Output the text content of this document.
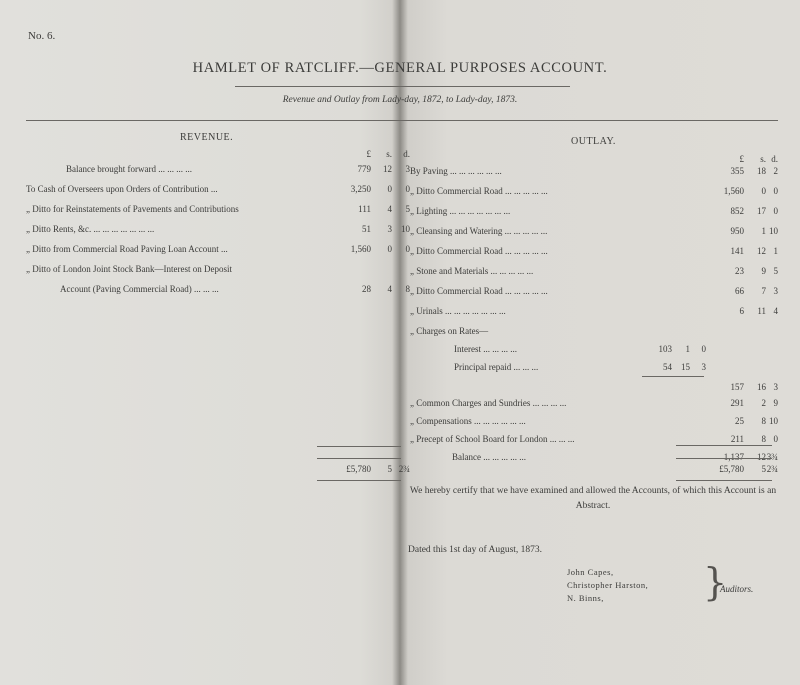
No. 6.
HAMLET OF RATCLIFF.—GENERAL PURPOSES ACCOUNT.
Revenue and Outlay from Lady-day, 1872, to Lady-day, 1873.
REVENUE.
£	s.	d.
Balance brought forward ... ... ... ...	779	12	3
To Cash of Overseers upon Orders of Contribution ...	3,250	0	0
„ Ditto for Reinstatements of Pavements and Contributions	111	4	5
„ Ditto Rents, &c. ... ... ... ... ... ... ...	51	3	10
„ Ditto from Commercial Road Paving Loan Account ...	1,560	0	0
„ Ditto of London Joint Stock Bank—Interest on Deposit
Account (Paving Commercial Road) ... ... ...	28	4	8
£5,780	5 2¾
OUTLAY.
£	s. d.
By Paving ... ... ... ... ... ...	355	18 2
„ Ditto Commercial Road ... ... ... ... ...	1,560	0 0
„ Lighting ... ... ... ... ... ... ...	852	17 0
„ Cleansing and Watering ... ... ... ... ...	950	1 10
„ Ditto Commercial Road ... ... ... ... ...	141	12 1
„ Stone and Materials ... ... ... ... ...	23	9 5
„ Ditto Commercial Road ... ... ... ... ...	66	7 3
„ Urinals ... ... ... ... ... ... ...	6	11 4
„ Charges on Rates—
Interest ... ... ... ...	103	1	0
Principal repaid ... ... ...	54	15	3
157	16 3
„ Common Charges and Sundries ... ... ... ...	291	2 9
„ Compensations ... ... ... ... ... ...	25	8 10
„ Precept of School Board for London ... ... ...	211	8 0
Balance ... ... ... ... ...	1,137	12 3¾
£5,780	5 2¾
We hereby certify that we have examined and allowed the Accounts, of which this Account is an Abstract.
Dated this 1st day of August, 1873.
John Capes,
Christopher Harston,
N. Binns,	}
Auditors.
